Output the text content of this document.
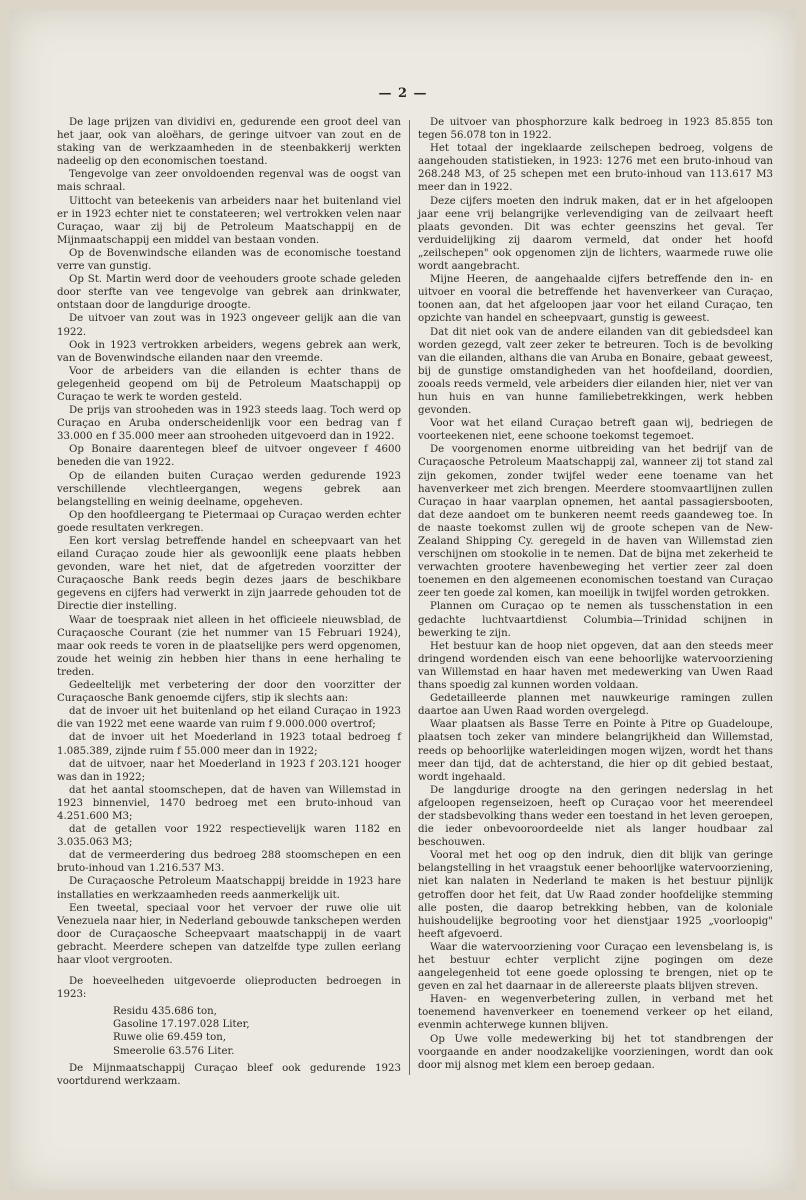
— 2 —

De lage prijzen van dividivi en, gedurende een groot deel van het jaar, ook van aloëhars, de geringe uitvoer van zout en de staking van de werkzaamheden in de steenbakkerij werkten nadeelig op den economischen toestand.

Tengevolge van zeer onvoldoenden regenval was de oogst van mais schraal.

Uittocht van beteekenis van arbeiders naar het buitenland viel er in 1923 echter niet te constateeren; wel vertrokken velen naar Curaçao, waar zij bij de Petroleum Maatschappij en de Mijnmaatschappij een middel van bestaan vonden.

Op de Bovenwindsche eilanden was de economische toestand verre van gunstig.

Op St. Martin werd door de veehouders groote schade geleden door sterfte van vee tengevolge van gebrek aan drinkwater, ontstaan door de langdurige droogte.

De uitvoer van zout was in 1923 ongeveer gelijk aan die van 1922.

Ook in 1923 vertrokken arbeiders, wegens gebrek aan werk, van de Bovenwindsche eilanden naar den vreemde.

Voor de arbeiders van die eilanden is echter thans de gelegenheid geopend om bij de Petroleum Maatschappij op Curaçao te werk te worden gesteld.

De prijs van strooheden was in 1923 steeds laag. Toch werd op Curaçao en Aruba onderscheidenlijk voor een bedrag van f 33.000 en f 35.000 meer aan strooheden uitgevoerd dan in 1922.

Op Bonaire daarentegen bleef de uitvoer ongeveer f 4600 beneden die van 1922.

Op de eilanden buiten Curaçao werden gedurende 1923 verschillende vlechtleergangen, wegens gebrek aan belangstelling en weinig deelname, opgeheven.

Op den hoofdleergang te Pietermaai op Curaçao werden echter goede resultaten verkregen.

Een kort verslag betreffende handel en scheepvaart van het eiland Curaçao zoude hier als gewoonlijk eene plaats hebben gevonden, ware het niet, dat de afgetreden voorzitter der Curaçaosche Bank reeds begin dezes jaars de beschikbare gegevens en cijfers had verwerkt in zijn jaarrede gehouden tot de Directie dier instelling.

Waar de toespraak niet alleen in het officieele nieuwsblad, de Curaçaosche Courant (zie het nummer van 15 Februari 1924), maar ook reeds te voren in de plaatselijke pers werd opgenomen, zoude het weinig zin hebben hier thans in eene herhaling te treden.

Gedeeltelijk met verbetering der door den voorzitter der Curaçaosche Bank genoemde cijfers, stip ik slechts aan:

dat de invoer uit het buitenland op het eiland Curaçao in 1923 die van 1922 met eene waarde van ruim f 9.000.000 overtrof;

dat de invoer uit het Moederland in 1923 totaal bedroeg f 1.085.389, zijnde ruim f 55.000 meer dan in 1922;

dat de uitvoer, naar het Moederland in 1923 f 203.121 hooger was dan in 1922;

dat het aantal stoomschepen, dat de haven van Willemstad in 1923 binnenviel, 1470 bedroeg met een bruto-inhoud van 4.251.600 M3;

dat de getallen voor 1922 respectievelijk waren 1182 en 3.035.063 M3;

dat de vermeerdering dus bedroeg 288 stoomschepen en een bruto-inhoud van 1.216.537 M3.

De Curaçaosche Petroleum Maatschappij breidde in 1923 hare installaties en werkzaamheden reeds aanmerkelijk uit.

Een tweetal, speciaal voor het vervoer der ruwe olie uit Venezuela naar hier, in Nederland gebouwde tankschepen werden door de Curaçaosche Scheepvaart maatschappij in de vaart gebracht. Meerdere schepen van datzelfde type zullen eerlang haar vloot vergrooten.

De hoeveelheden uitgevoerde olieproducten bedroegen in 1923:

Residu 435.686 ton,
Gasoline 17.197.028 Liter,
Ruwe olie 69.459 ton,
Smeerolie 63.576 Liter.

De Mijnmaatschappij Curaçao bleef ook gedurende 1923 voortdurend werkzaam.

De uitvoer van phosphorzure kalk bedroeg in 1923 85.855 ton tegen 56.078 ton in 1922.

Het totaal der ingeklaarde zeilschepen bedroeg, volgens de aangehouden statistieken, in 1923: 1276 met een bruto-inhoud van 268.248 M3, of 25 schepen met een bruto-inhoud van 113.617 M3 meer dan in 1922.

Deze cijfers moeten den indruk maken, dat er in het afgeloopen jaar eene vrij belangrijke verlevendiging van de zeilvaart heeft plaats gevonden. Dit was echter geenszins het geval. Ter verduidelijking zij daarom vermeld, dat onder het hoofd „zeilschepen" ook opgenomen zijn de lichters, waarmede ruwe olie wordt aangebracht.

Mijne Heeren, de aangehaalde cijfers betreffende den in- en uitvoer en vooral die betreffende het havenverkeer van Curaçao, toonen aan, dat het afgeloopen jaar voor het eiland Curaçao, ten opzichte van handel en scheepvaart, gunstig is geweest.

Dat dit niet ook van de andere eilanden van dit gebiedsdeel kan worden gezegd, valt zeer zeker te betreuren. Toch is de bevolking van die eilanden, althans die van Aruba en Bonaire, gebaat geweest, bij de gunstige omstandigheden van het hoofdeiland, doordien, zooals reeds vermeld, vele arbeiders dier eilanden hier, niet ver van hun huis en van hunne familiebetrekkingen, werk hebben gevonden.

Voor wat het eiland Curaçao betreft gaan wij, bedriegen de voorteekenen niet, eene schoone toekomst tegemoet.

De voorgenomen enorme uitbreiding van het bedrijf van de Curaçaosche Petroleum Maatschappij zal, wanneer zij tot stand zal zijn gekomen, zonder twijfel weder eene toename van het havenverkeer met zich brengen. Meerdere stoomvaartlijnen zullen Curaçao in haar vaarplan opnemen, het aantal passagiersbooten, dat deze aandoet om te bunkeren neemt reeds gaandeweg toe. In de naaste toekomst zullen wij de groote schepen van de New-Zealand Shipping Cy. geregeld in de haven van Willemstad zien verschijnen om stookolie in te nemen. Dat de bijna met zekerheid te verwachten grootere havenbeweging het vertier zeer zal doen toenemen en den algemeenen economischen toestand van Curaçao zeer ten goede zal komen, kan moeilijk in twijfel worden getrokken.

Plannen om Curaçao op te nemen als tusschenstation in een gedachte luchtvaartdienst Columbia—Trinidad schijnen in bewerking te zijn.

Het bestuur kan de hoop niet opgeven, dat aan den steeds meer dringend wordenden eisch van eene behoorlijke watervoorziening van Willemstad en haar haven met medewerking van Uwen Raad thans spoedig zal kunnen worden voldaan.

Gedetailleerde plannen met nauwkeurige ramingen zullen daartoe aan Uwen Raad worden overgelegd.

Waar plaatsen als Basse Terre en Pointe à Pitre op Guadeloupe, plaatsen toch zeker van mindere belangrijkheid dan Willemstad, reeds op behoorlijke waterleidingen mogen wijzen, wordt het thans meer dan tijd, dat de achterstand, die hier op dit gebied bestaat, wordt ingehaald.

De langdurige droogte na den geringen nederslag in het afgeloopen regenseizoen, heeft op Curaçao voor het meerendeel der stadsbevolking thans weder een toestand in het leven geroepen, die ieder onbevooroordeelde niet als langer houdbaar zal beschouwen.

Vooral met het oog op den indruk, dien dit blijk van geringe belangstelling in het vraagstuk eener behoorlijke watervoorziening, niet kan nalaten in Nederland te maken is het bestuur pijnlijk getroffen door het feit, dat Uw Raad zonder hoofdelijke stemming alle posten, die daarop betrekking hebben, van de koloniale huishoudelijke begrooting voor het dienstjaar 1925 „voorloopig" heeft afgevoerd.

Waar die watervoorziening voor Curaçao een levensbelang is, is het bestuur echter verplicht zijne pogingen om deze aangelegenheid tot eene goede oplossing te brengen, niet op te geven en zal het daarnaar in de allereerste plaats blijven streven.

Haven- en wegenverbetering zullen, in verband met het toenemend havenverkeer en toenemend verkeer op het eiland, evenmin achterwege kunnen blijven.

Op Uwe volle medewerking bij het tot standbrengen der voorgaande en ander noodzakelijke voorzieningen, wordt dan ook door mij alsnog met klem een beroep gedaan.
